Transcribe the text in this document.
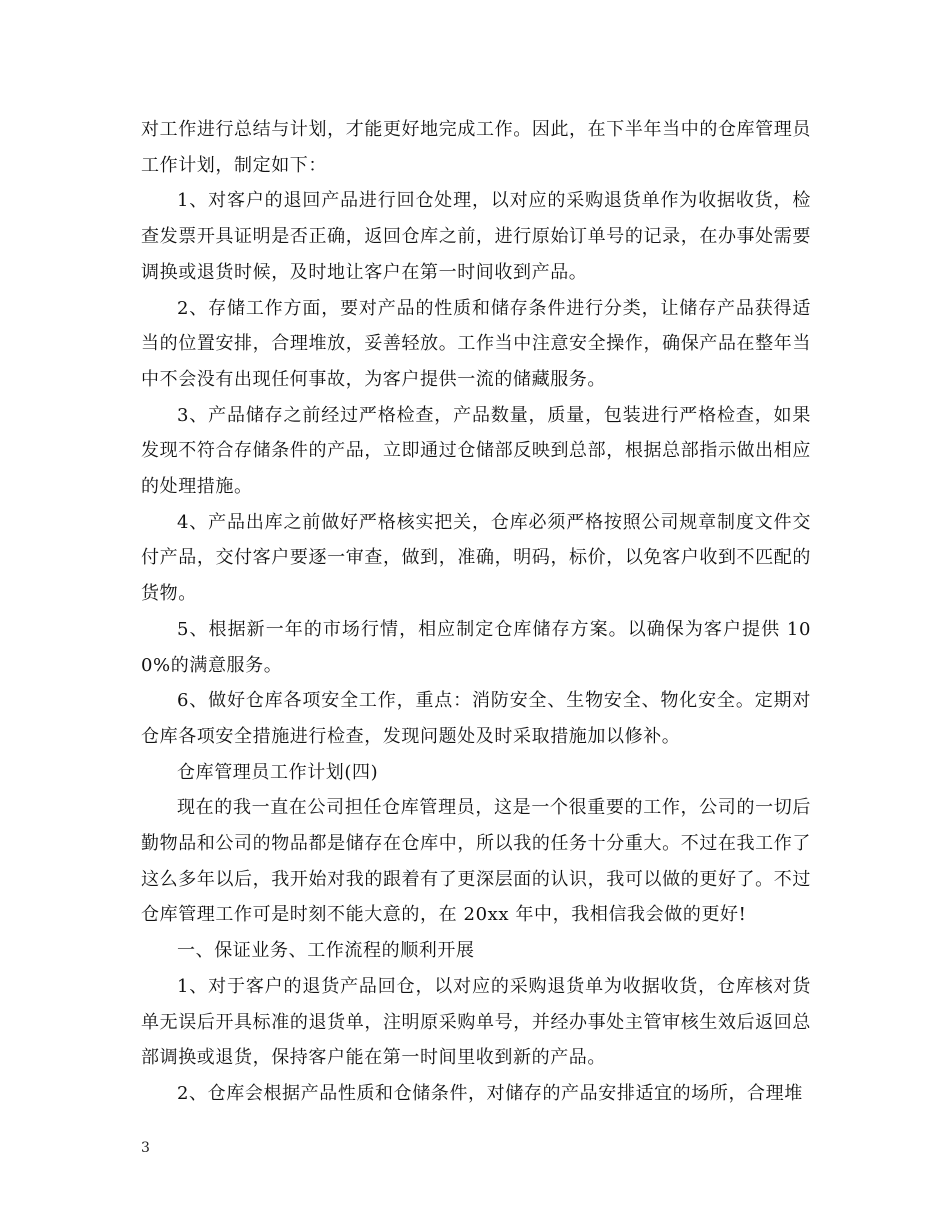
对工作进行总结与计划，才能更好地完成工作。因此，在下半年当中的仓库管理员工作计划，制定如下：

1、对客户的退回产品进行回仓处理，以对应的采购退货单作为收据收货，检查发票开具证明是否正确，返回仓库之前，进行原始订单号的记录，在办事处需要调换或退货时候，及时地让客户在第一时间收到产品。

2、存储工作方面，要对产品的性质和储存条件进行分类，让储存产品获得适当的位置安排，合理堆放，妥善轻放。工作当中注意安全操作，确保产品在整年当中不会没有出现任何事故，为客户提供一流的储藏服务。

3、产品储存之前经过严格检查，产品数量，质量，包装进行严格检查，如果发现不符合存储条件的产品，立即通过仓储部反映到总部，根据总部指示做出相应的处理措施。

4、产品出库之前做好严格核实把关，仓库必须严格按照公司规章制度文件交付产品，交付客户要逐一审查，做到，准确，明码，标价，以免客户收到不匹配的货物。

5、根据新一年的市场行情，相应制定仓库储存方案。以确保为客户提供 100%的满意服务。

6、做好仓库各项安全工作，重点：消防安全、生物安全、物化安全。定期对仓库各项安全措施进行检查，发现问题处及时采取措施加以修补。

仓库管理员工作计划(四)

现在的我一直在公司担任仓库管理员，这是一个很重要的工作，公司的一切后勤物品和公司的物品都是储存在仓库中，所以我的任务十分重大。不过在我工作了这么多年以后，我开始对我的跟着有了更深层面的认识，我可以做的更好了。不过仓库管理工作可是时刻不能大意的，在 20xx 年中，我相信我会做的更好!

一、保证业务、工作流程的顺利开展

1、对于客户的退货产品回仓，以对应的采购退货单为收据收货，仓库核对货单无误后开具标准的退货单，注明原采购单号，并经办事处主管审核生效后返回总部调换或退货，保持客户能在第一时间里收到新的产品。

2、仓库会根据产品性质和仓储条件，对储存的产品安排适宜的场所，合理堆

3
